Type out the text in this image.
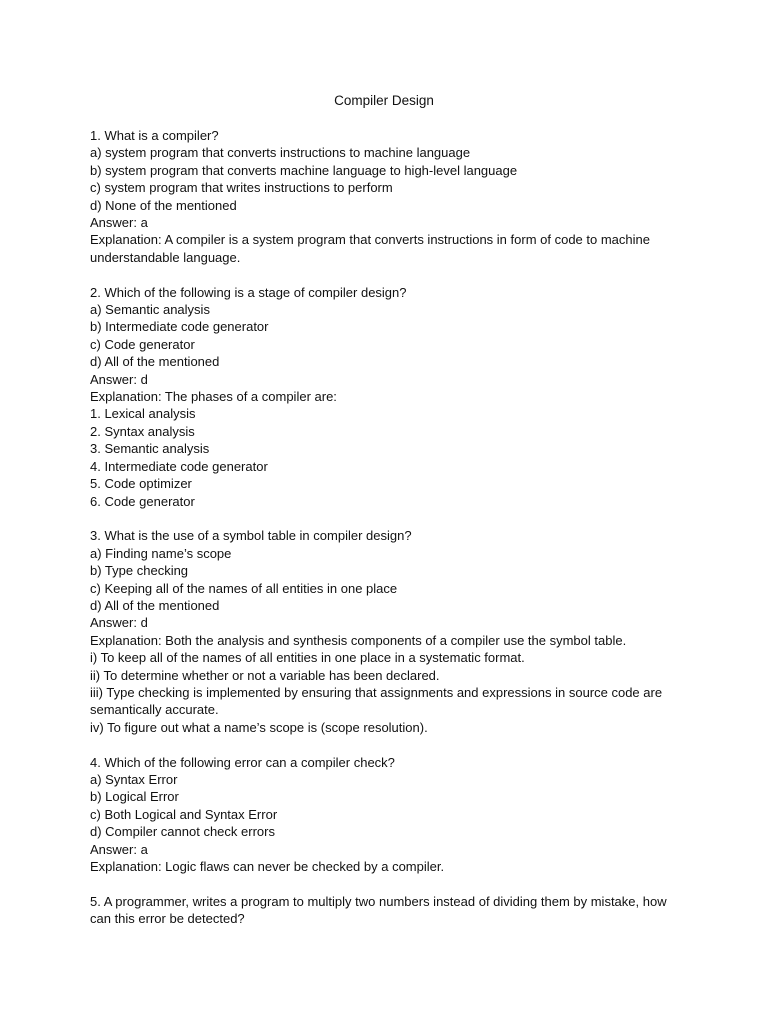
Compiler Design
1. What is a compiler?
a) system program that converts instructions to machine language
b) system program that converts machine language to high-level language
c) system program that writes instructions to perform
d) None of the mentioned
Answer: a
Explanation: A compiler is a system program that converts instructions in form of code to machine understandable language.
2. Which of the following is a stage of compiler design?
a) Semantic analysis
b) Intermediate code generator
c) Code generator
d) All of the mentioned
Answer: d
Explanation: The phases of a compiler are:
1. Lexical analysis
2. Syntax analysis
3. Semantic analysis
4. Intermediate code generator
5. Code optimizer
6. Code generator
3. What is the use of a symbol table in compiler design?
a) Finding name’s scope
b) Type checking
c) Keeping all of the names of all entities in one place
d) All of the mentioned
Answer: d
Explanation: Both the analysis and synthesis components of a compiler use the symbol table.
i) To keep all of the names of all entities in one place in a systematic format.
ii) To determine whether or not a variable has been declared.
iii) Type checking is implemented by ensuring that assignments and expressions in source code are semantically accurate.
iv) To figure out what a name’s scope is (scope resolution).
4. Which of the following error can a compiler check?
a) Syntax Error
b) Logical Error
c) Both Logical and Syntax Error
d) Compiler cannot check errors
Answer: a
Explanation: Logic flaws can never be checked by a compiler.
5. A programmer, writes a program to multiply two numbers instead of dividing them by mistake, how can this error be detected?
